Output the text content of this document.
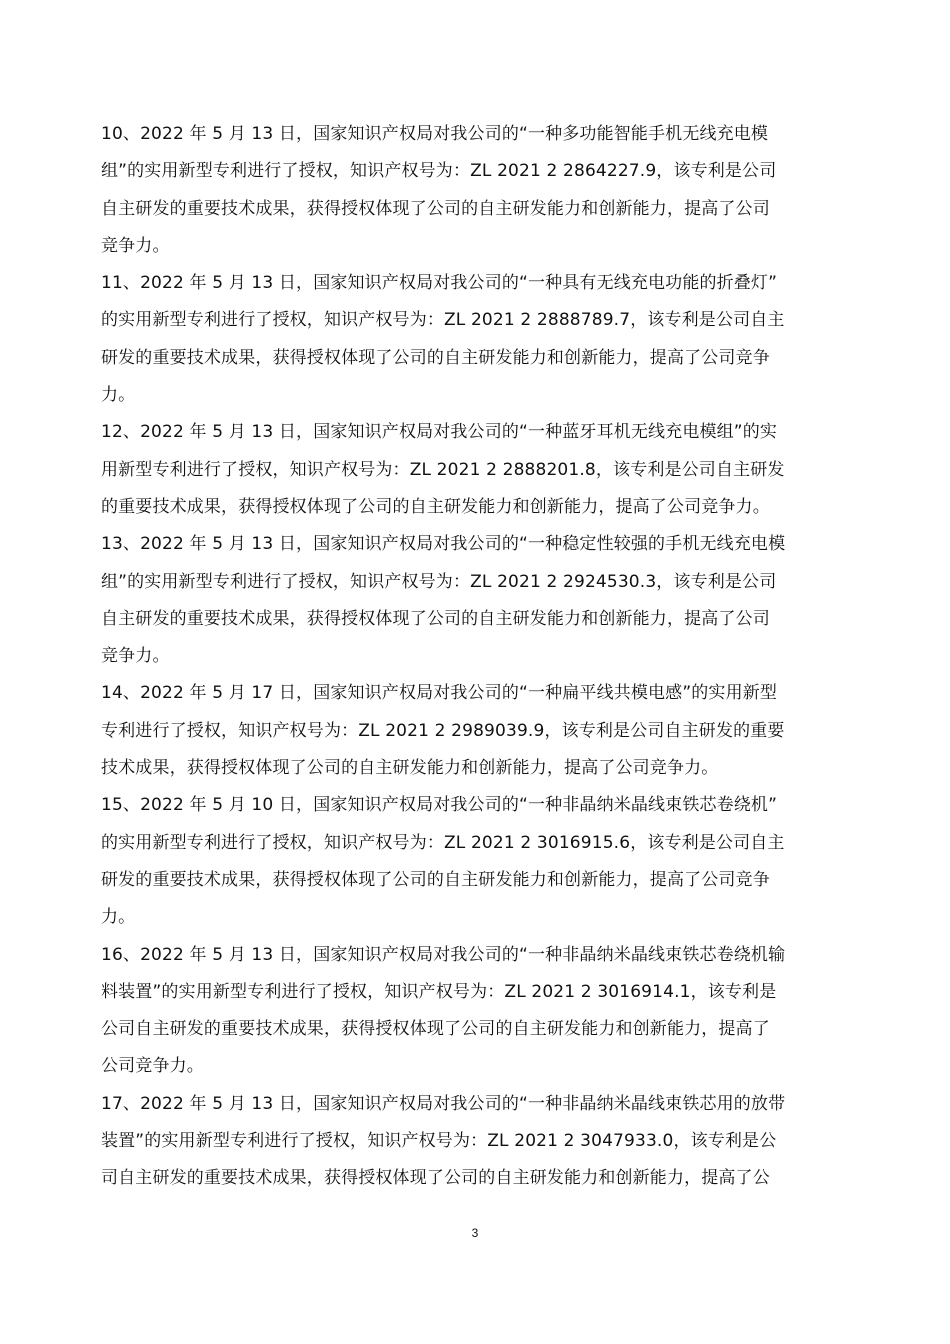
10、2022 年 5 月 13 日，国家知识产权局对我公司的“一种多功能智能手机无线充电模
组”的实用新型专利进行了授权，知识产权号为：ZL 2021 2 2864227.9，该专利是公司
自主研发的重要技术成果，获得授权体现了公司的自主研发能力和创新能力，提高了公司
竞争力。
11、2022 年 5 月 13 日，国家知识产权局对我公司的“一种具有无线充电功能的折叠灯”
的实用新型专利进行了授权，知识产权号为：ZL 2021 2 2888789.7，该专利是公司自主
研发的重要技术成果，获得授权体现了公司的自主研发能力和创新能力，提高了公司竞争
力。
12、2022 年 5 月 13 日，国家知识产权局对我公司的“一种蓝牙耳机无线充电模组”的实
用新型专利进行了授权，知识产权号为：ZL 2021 2 2888201.8，该专利是公司自主研发
的重要技术成果，获得授权体现了公司的自主研发能力和创新能力，提高了公司竞争力。
13、2022 年 5 月 13 日，国家知识产权局对我公司的“一种稳定性较强的手机无线充电模
组”的实用新型专利进行了授权，知识产权号为：ZL 2021 2 2924530.3，该专利是公司
自主研发的重要技术成果，获得授权体现了公司的自主研发能力和创新能力，提高了公司
竞争力。
14、2022 年 5 月 17 日，国家知识产权局对我公司的“一种扁平线共模电感”的实用新型
专利进行了授权，知识产权号为：ZL 2021 2 2989039.9，该专利是公司自主研发的重要
技术成果，获得授权体现了公司的自主研发能力和创新能力，提高了公司竞争力。
15、2022 年 5 月 10 日，国家知识产权局对我公司的“一种非晶纳米晶线束铁芯卷绕机”
的实用新型专利进行了授权，知识产权号为：ZL 2021 2 3016915.6，该专利是公司自主
研发的重要技术成果，获得授权体现了公司的自主研发能力和创新能力，提高了公司竞争
力。
16、2022 年 5 月 13 日，国家知识产权局对我公司的“一种非晶纳米晶线束铁芯卷绕机输
料装置”的实用新型专利进行了授权，知识产权号为：ZL 2021 2 3016914.1，该专利是
公司自主研发的重要技术成果，获得授权体现了公司的自主研发能力和创新能力，提高了
公司竞争力。
17、2022 年 5 月 13 日，国家知识产权局对我公司的“一种非晶纳米晶线束铁芯用的放带
装置”的实用新型专利进行了授权，知识产权号为：ZL 2021 2 3047933.0，该专利是公
司自主研发的重要技术成果，获得授权体现了公司的自主研发能力和创新能力，提高了公
3
